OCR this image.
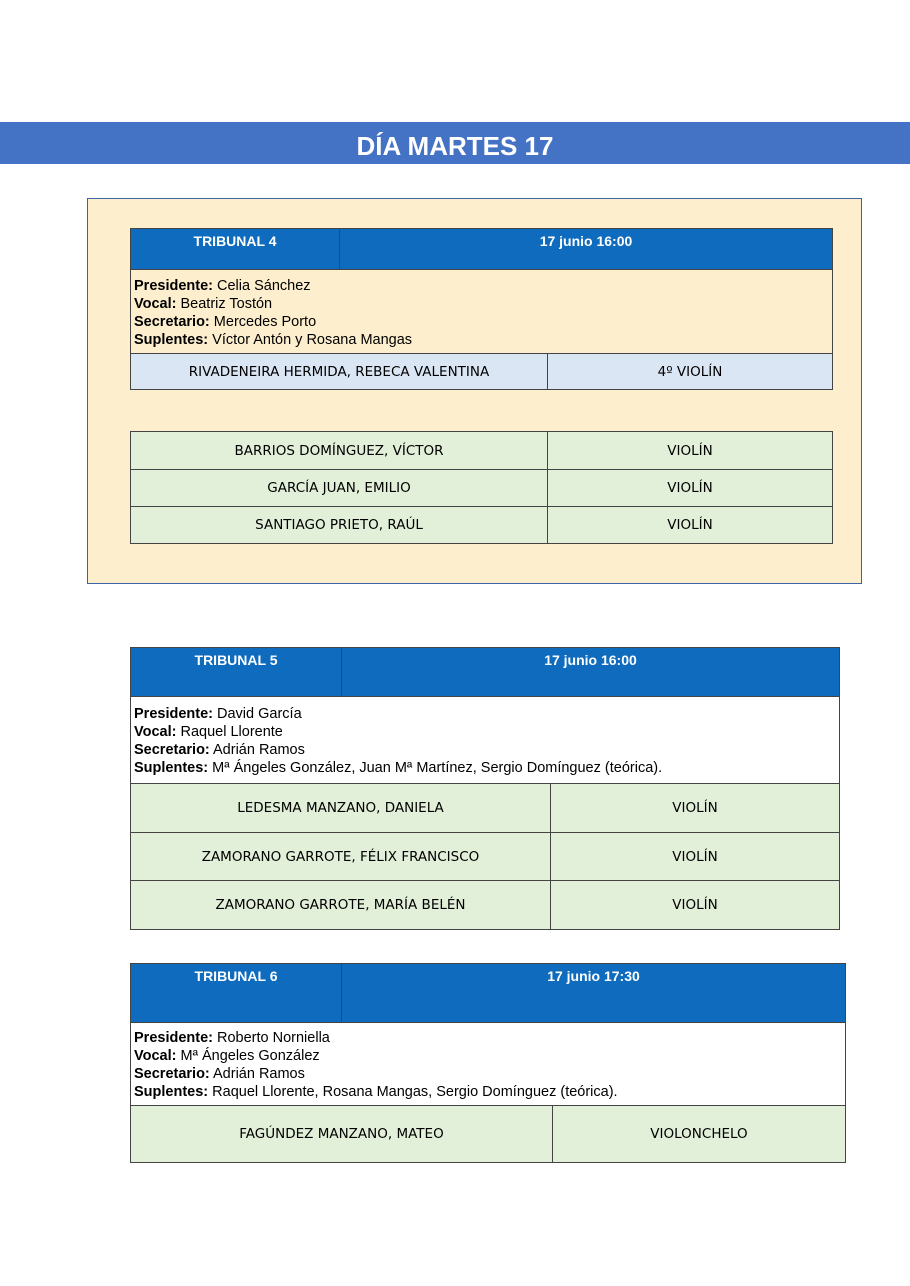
DÍA MARTES 17
TRIBUNAL 4	17 junio 16:00	

Presidente: Celia Sánchez
Vocal: Beatriz Tostón
Secretario: Mercedes Porto
Suplentes: Víctor Antón y Rosana Mangas		

RIVADENEIRA HERMIDA, REBECA VALENTINA		4º VIOLÍN
BARRIOS DOMÍNGUEZ, VÍCTOR	VIOLÍN
GARCÍA JUAN, EMILIO	VIOLÍN
SANTIAGO PRIETO, RAÚL	VIOLÍN
TRIBUNAL 5	17 junio 16:00	

Presidente: David García
Vocal: Raquel Llorente
Secretario: Adrián Ramos
Suplentes: Mª Ángeles González, Juan Mª Martínez, Sergio Domínguez (teórica).		

LEDESMA MANZANO, DANIELA		VIOLÍN
ZAMORANO GARROTE, FÉLIX FRANCISCO		VIOLÍN
ZAMORANO GARROTE, MARÍA BELÉN		VIOLÍN
TRIBUNAL 6	17 junio 17:30	

Presidente: Roberto Norniella
Vocal: Mª Ángeles González
Secretario: Adrián Ramos
Suplentes: Raquel Llorente, Rosana Mangas, Sergio Domínguez (teórica).		

FAGÚNDEZ MANZANO, MATEO		VIOLONCHELO
